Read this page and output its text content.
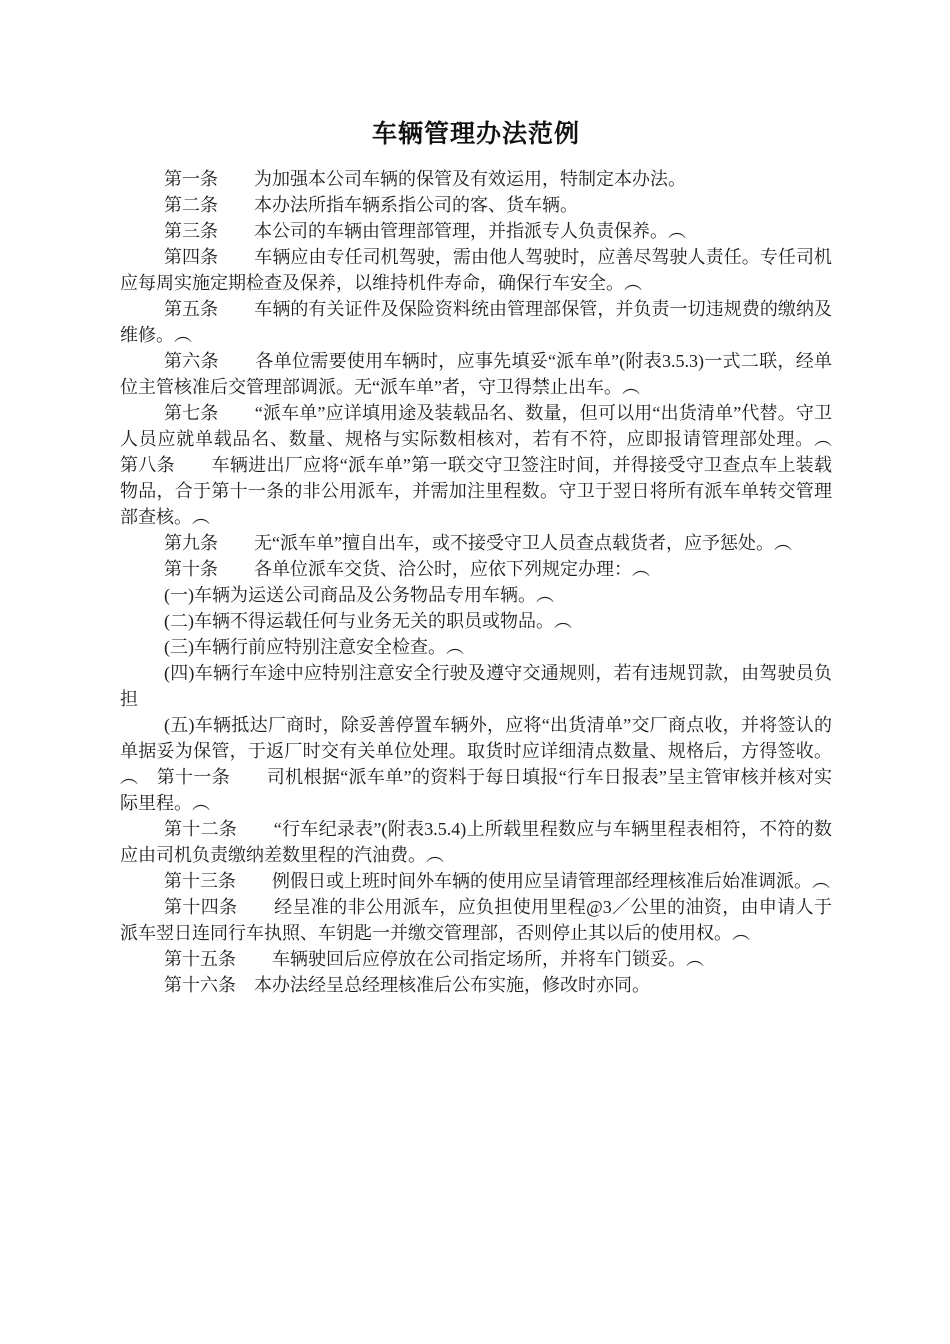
车辆管理办法范例

第一条　　为加强本公司车辆的保管及有效运用，特制定本办法。

第二条　　本办法所指车辆系指公司的客、货车辆。

第三条　　本公司的车辆由管理部管理，并指派专人负责保养。︵

第四条　　车辆应由专任司机驾驶，需由他人驾驶时，应善尽驾驶人责任。专任司机应每周实施定期检查及保养，以维持机件寿命，确保行车安全。︵

第五条　　车辆的有关证件及保险资料统由管理部保管，并负责一切违规费的缴纳及维修。︵

第六条　　各单位需要使用车辆时，应事先填妥“派车单”(附表3.5.3)一式二联，经单位主管核准后交管理部调派。无“派车单”者，守卫得禁止出车。︵

第七条　　“派车单”应详填用途及装载品名、数量，但可以用“出货清单”代替。守卫人员应就单载品名、数量、规格与实际数相核对，若有不符，应即报请管理部处理。︵　第八条　　车辆进出厂应将“派车单”第一联交守卫签注时间，并得接受守卫查点车上装载物品，合于第十一条的非公用派车，并需加注里程数。守卫于翌日将所有派车单转交管理部查核。︵

第九条　　无“派车单”擅自出车，或不接受守卫人员查点载货者，应予惩处。︵

第十条　　各单位派车交货、洽公时，应依下列规定办理：︵

(一)车辆为运送公司商品及公务物品专用车辆。︵

(二)车辆不得运载任何与业务无关的职员或物品。︵

(三)车辆行前应特别注意安全检查。︵

(四)车辆行车途中应特别注意安全行驶及遵守交通规则，若有违规罚款，由驾驶员负担

(五)车辆抵达厂商时，除妥善停置车辆外，应将“出货清单”交厂商点收，并将签认的单据妥为保管，于返厂时交有关单位处理。取货时应详细清点数量、规格后，方得签收。︵　第十一条　　司机根据“派车单”的资料于每日填报“行车日报表”呈主管审核并核对实际里程。︵

第十二条　　“行车纪录表”(附表3.5.4)上所载里程数应与车辆里程表相符，不符的数应由司机负责缴纳差数里程的汽油费。︵

第十三条　　例假日或上班时间外车辆的使用应呈请管理部经理核准后始准调派。︵

第十四条　　经呈准的非公用派车，应负担使用里程@3／公里的油资，由申请人于派车翌日连同行车执照、车钥匙一并缴交管理部，否则停止其以后的使用权。︵

第十五条　　车辆驶回后应停放在公司指定场所，并将车门锁妥。︵

第十六条　本办法经呈总经理核准后公布实施，修改时亦同。
